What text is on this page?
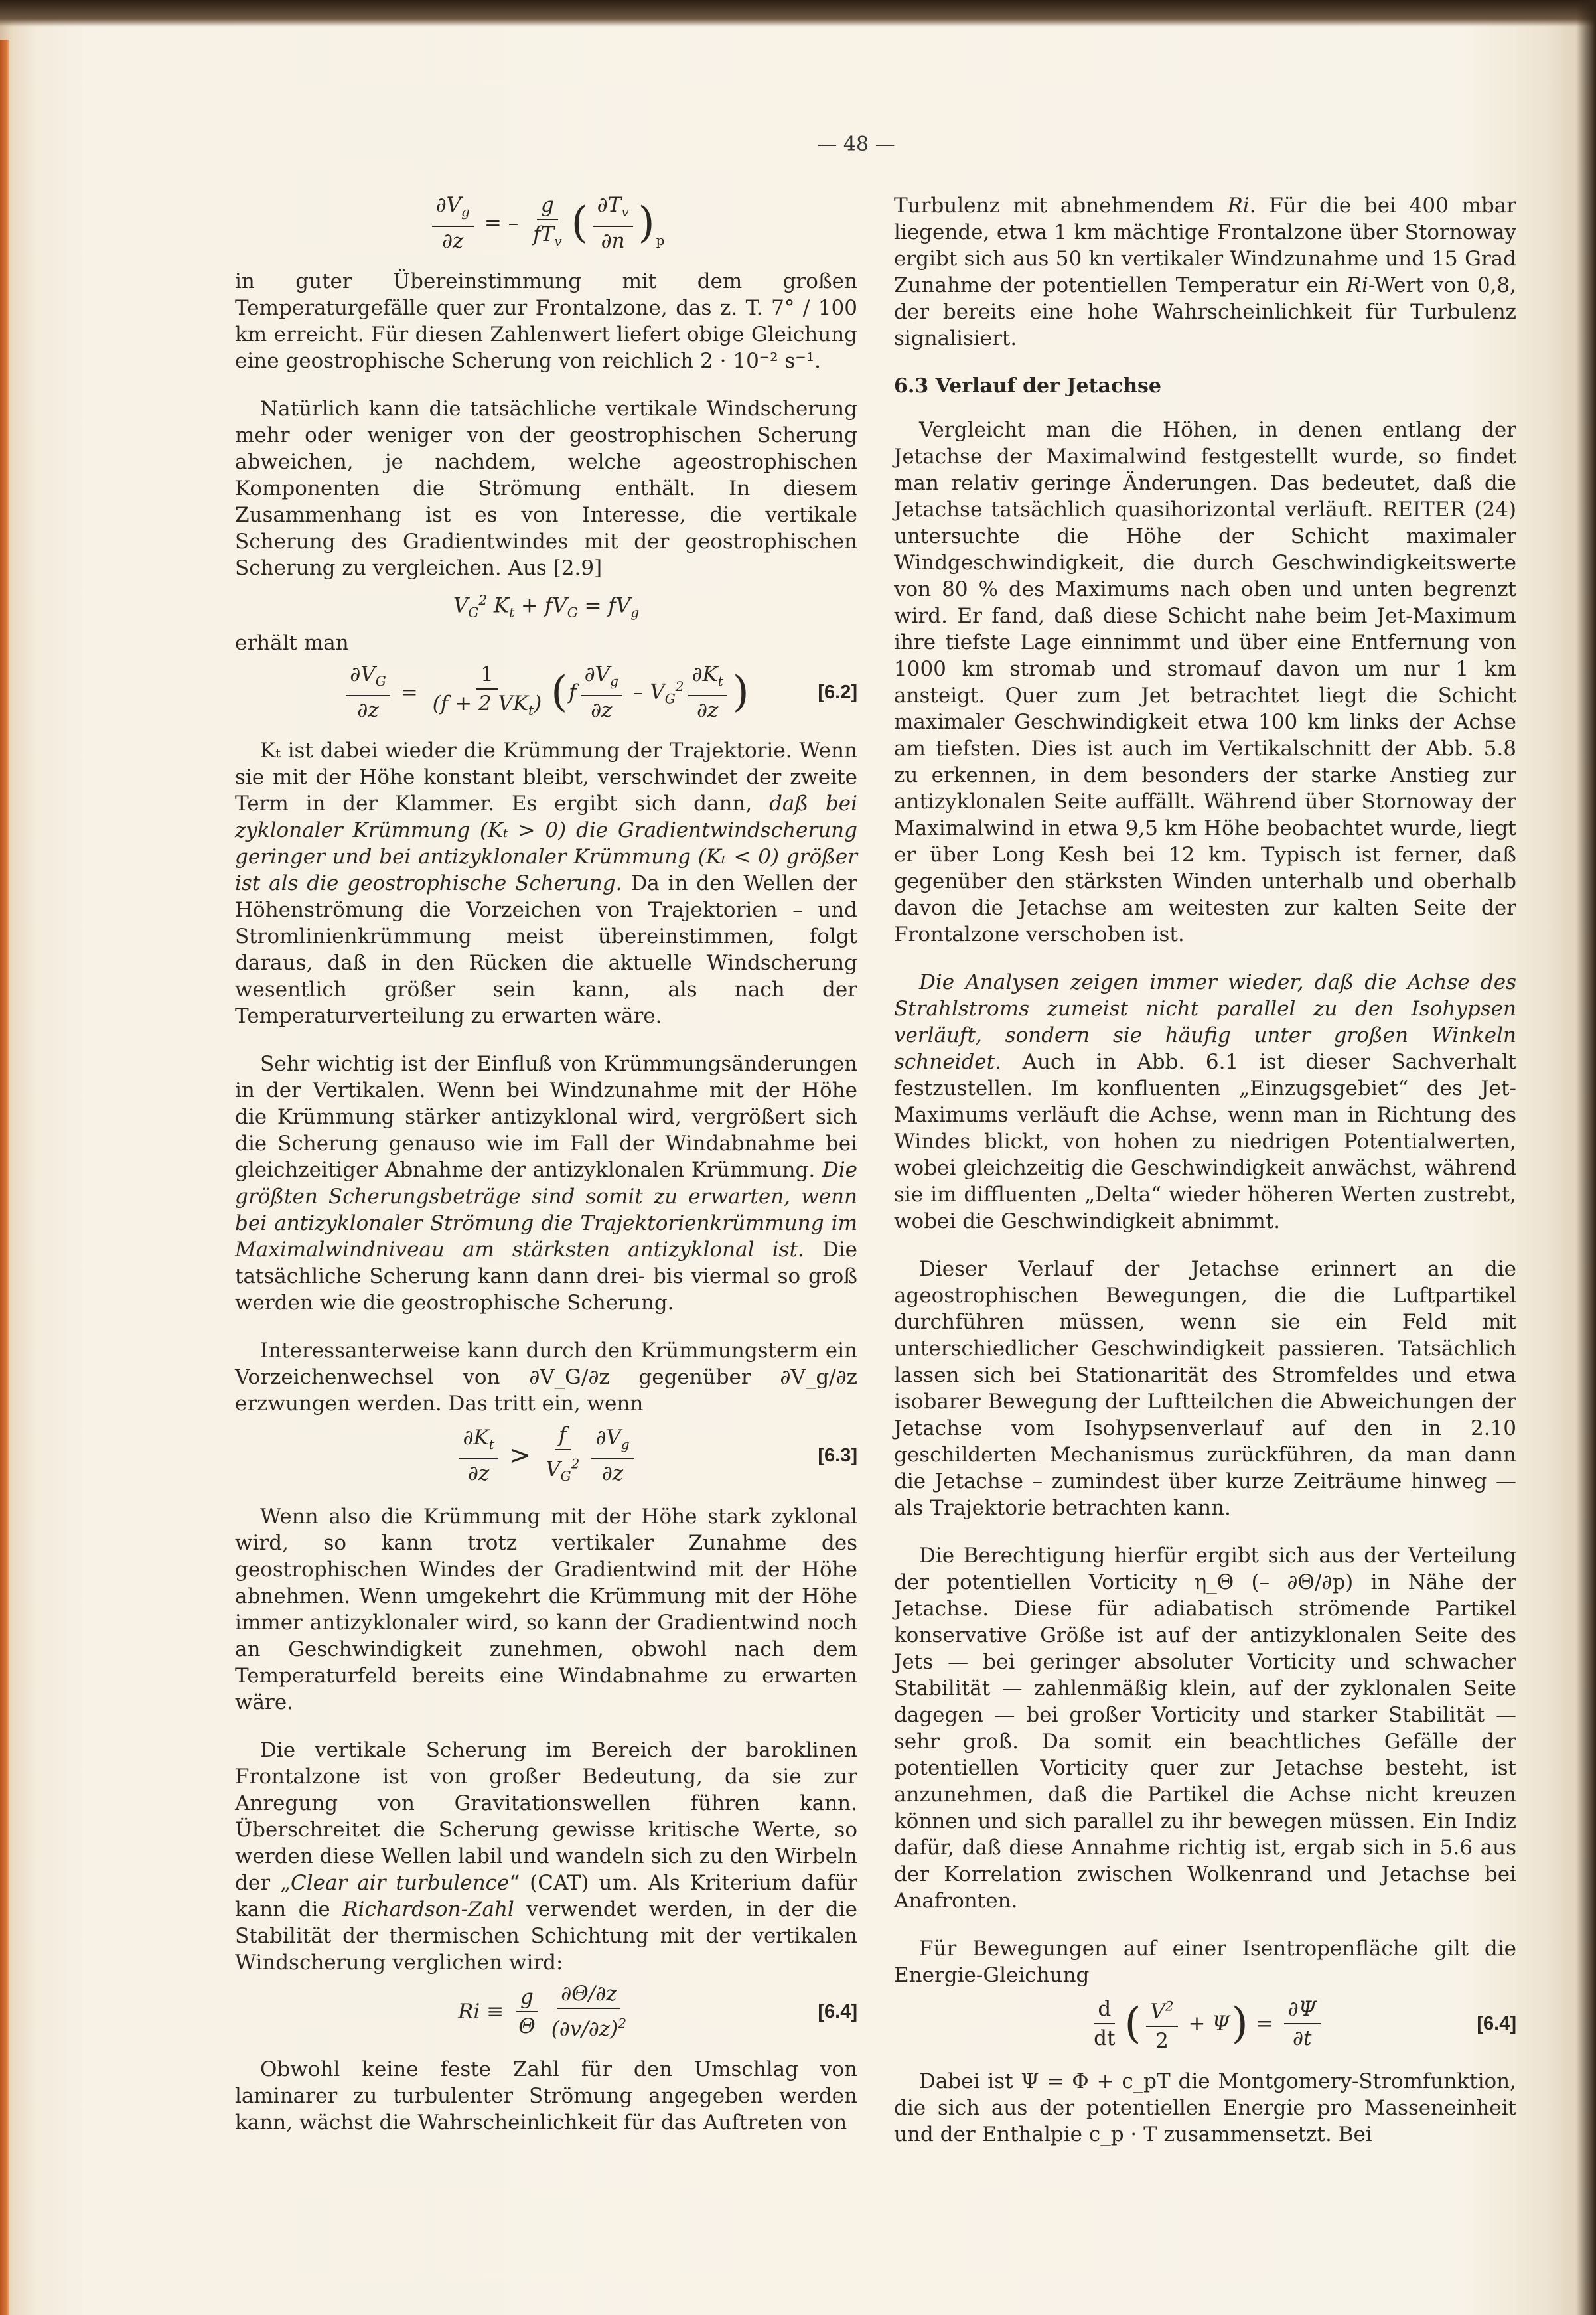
— 48 —
$\frac{\partial V_g}{\partial z}$ = – $\frac{g}{fT_v}$ ( $\frac{\partial T_v}{\partial n} )_p$

in guter Übereinstimmung mit dem großen Temperaturgefälle quer zur Frontalzone, das z. T. 7° / 100 km erreicht. Für diesen Zahlenwert liefert obige Gleichung eine geostrophische Scherung von reichlich 2 · 10⁻² s⁻¹.

Natürlich kann die tatsächliche vertikale Windscherung mehr oder weniger von der geostrophischen Scherung abweichen, je nachdem, welche ageostrophischen Komponenten die Strömung enthält. In diesem Zusammenhang ist es von Interesse, die vertikale Scherung des Gradientwindes mit der geostrophischen Scherung zu vergleichen. Aus [2.9]

$V_G^2$ $K_t + fV_G = fV_g$

erhält man

$\frac{\partial V_G}{\partial z} = \frac{1}{(f + 2 VK_t)}$ ( f $\frac{\partial V_g}{\partial z} - V_G^2 \frac{\partial K_t}{\partial z}$ )	[6.2]

Kₜ ist dabei wieder die Krümmung der Trajektorie. Wenn sie mit der Höhe konstant bleibt, verschwindet der zweite Term in der Klammer. Es ergibt sich dann, daß bei zyklonaler Krümmung (Kₜ > 0) die Gradientwindscherung geringer und bei antizyklonaler Krümmung (Kₜ < 0) größer ist als die geostrophische Scherung. Da in den Wellen der Höhenströmung die Vorzeichen von Trajektorien – und Stromlinienkrümmung meist übereinstimmen, folgt daraus, daß in den Rücken die aktuelle Windscherung wesentlich größer sein kann, als nach der Temperaturverteilung zu erwarten wäre.

Sehr wichtig ist der Einfluß von Krümmungsänderungen in der Vertikalen. Wenn bei Windzunahme mit der Höhe die Krümmung stärker antizyklonal wird, vergrößert sich die Scherung genauso wie im Fall der Windabnahme bei gleichzeitiger Abnahme der antizyklonalen Krümmung. Die größten Scherungsbeträge sind somit zu erwarten, wenn bei antizyklonaler Strömung die Trajektorienkrümmung im Maximalwindniveau am stärksten antizyklonal ist. Die tatsächliche Scherung kann dann drei- bis viermal so groß werden wie die geostrophische Scherung.

Interessanterweise kann durch den Krümmungsterm ein Vorzeichenwechsel von ∂V_G/∂z gegenüber ∂V_g/∂z erzwungen werden. Das tritt ein, wenn

$\frac{\partial K_t}{\partial z} > \frac{f}{V_G^2} \frac{\partial V_g}{\partial z}$	[6.3]

Wenn also die Krümmung mit der Höhe stark zyklonal wird, so kann trotz vertikaler Zunahme des geostrophischen Windes der Gradientwind mit der Höhe abnehmen. Wenn umgekehrt die Krümmung mit der Höhe immer antizyklonaler wird, so kann der Gradientwind noch an Geschwindigkeit zunehmen, obwohl nach dem Temperaturfeld bereits eine Windabnahme zu erwarten wäre.

Die vertikale Scherung im Bereich der baroklinen Frontalzone ist von großer Bedeutung, da sie zur Anregung von Gravitationswellen führen kann. Überschreitet die Scherung gewisse kritische Werte, so werden diese Wellen labil und wandeln sich zu den Wirbeln der „Clear air turbulence“ (CAT) um. Als Kriterium dafür kann die Richardson-Zahl verwendet werden, in der die Stabilität der thermischen Schichtung mit der vertikalen Windscherung verglichen wird:

$Ri \equiv \frac{g}{\Theta} \frac{\partial\Theta/\partial z}{(\partial v/\partial z)^2}$	[6.4]

Obwohl keine feste Zahl für den Umschlag von laminarer zu turbulenter Strömung angegeben werden kann, wächst die Wahrscheinlichkeit für das Auftreten von

Turbulenz mit abnehmendem Ri. Für die bei 400 mbar liegende, etwa 1 km mächtige Frontalzone über Stornoway ergibt sich aus 50 kn vertikaler Windzunahme und 15 Grad Zunahme der potentiellen Temperatur ein Ri-Wert von 0,8, der bereits eine hohe Wahrscheinlichkeit für Turbulenz signalisiert.

6.3 Verlauf der Jetachse

Vergleicht man die Höhen, in denen entlang der Jetachse der Maximalwind festgestellt wurde, so findet man relativ geringe Änderungen. Das bedeutet, daß die Jetachse tatsächlich quasihorizontal verläuft. REITER (24) untersuchte die Höhe der Schicht maximaler Windgeschwindigkeit, die durch Geschwindigkeitswerte von 80 % des Maximums nach oben und unten begrenzt wird. Er fand, daß diese Schicht nahe beim Jet-Maximum ihre tiefste Lage einnimmt und über eine Entfernung von 1000 km stromab und stromauf davon um nur 1 km ansteigt. Quer zum Jet betrachtet liegt die Schicht maximaler Geschwindigkeit etwa 100 km links der Achse am tiefsten. Dies ist auch im Vertikalschnitt der Abb. 5.8 zu erkennen, in dem besonders der starke Anstieg zur antizyklonalen Seite auffällt. Während über Stornoway der Maximalwind in etwa 9,5 km Höhe beobachtet wurde, liegt er über Long Kesh bei 12 km. Typisch ist ferner, daß gegenüber den stärksten Winden unterhalb und oberhalb davon die Jetachse am weitesten zur kalten Seite der Frontalzone verschoben ist.

Die Analysen zeigen immer wieder, daß die Achse des Strahlstroms zumeist nicht parallel zu den Isohypsen verläuft, sondern sie häufig unter großen Winkeln schneidet. Auch in Abb. 6.1 ist dieser Sachverhalt festzustellen. Im konfluenten „Einzugsgebiet“ des Jet-Maximums verläuft die Achse, wenn man in Richtung des Windes blickt, von hohen zu niedrigen Potentialwerten, wobei gleichzeitig die Geschwindigkeit anwächst, während sie im diffluenten „Delta“ wieder höheren Werten zustrebt, wobei die Geschwindigkeit abnimmt.

Dieser Verlauf der Jetachse erinnert an die ageostrophischen Bewegungen, die die Luftpartikel durchführen müssen, wenn sie ein Feld mit unterschiedlicher Geschwindigkeit passieren. Tatsächlich lassen sich bei Stationarität des Stromfeldes und etwa isobarer Bewegung der Luftteilchen die Abweichungen der Jetachse vom Isohypsenverlauf auf den in 2.10 geschilderten Mechanismus zurückführen, da man dann die Jetachse – zumindest über kurze Zeiträume hinweg — als Trajektorie betrachten kann.

Die Berechtigung hierfür ergibt sich aus der Verteilung der potentiellen Vorticity η_Θ (– ∂Θ/∂p) in Nähe der Jetachse. Diese für adiabatisch strömende Partikel konservative Größe ist auf der antizyklonalen Seite des Jets — bei geringer absoluter Vorticity und schwacher Stabilität — zahlenmäßig klein, auf der zyklonalen Seite dagegen — bei großer Vorticity und starker Stabilität — sehr groß. Da somit ein beachtliches Gefälle der potentiellen Vorticity quer zur Jetachse besteht, ist anzunehmen, daß die Partikel die Achse nicht kreuzen können und sich parallel zu ihr bewegen müssen. Ein Indiz dafür, daß diese Annahme richtig ist, ergab sich in 5.6 aus der Korrelation zwischen Wolkenrand und Jetachse bei Anafronten.

Für Bewegungen auf einer Isentropenfläche gilt die Energie-Gleichung

$\frac{d}{dt}$ ( $\frac{V^2}{2} + \Psi$ ) = $\frac{\partial\Psi}{\partial t}$	[6.4]

Dabei ist Ψ = Φ + c_pT die Montgomery-Stromfunktion, die sich aus der potentiellen Energie pro Masseneinheit und der Enthalpie c_p · T zusammensetzt. Bei
